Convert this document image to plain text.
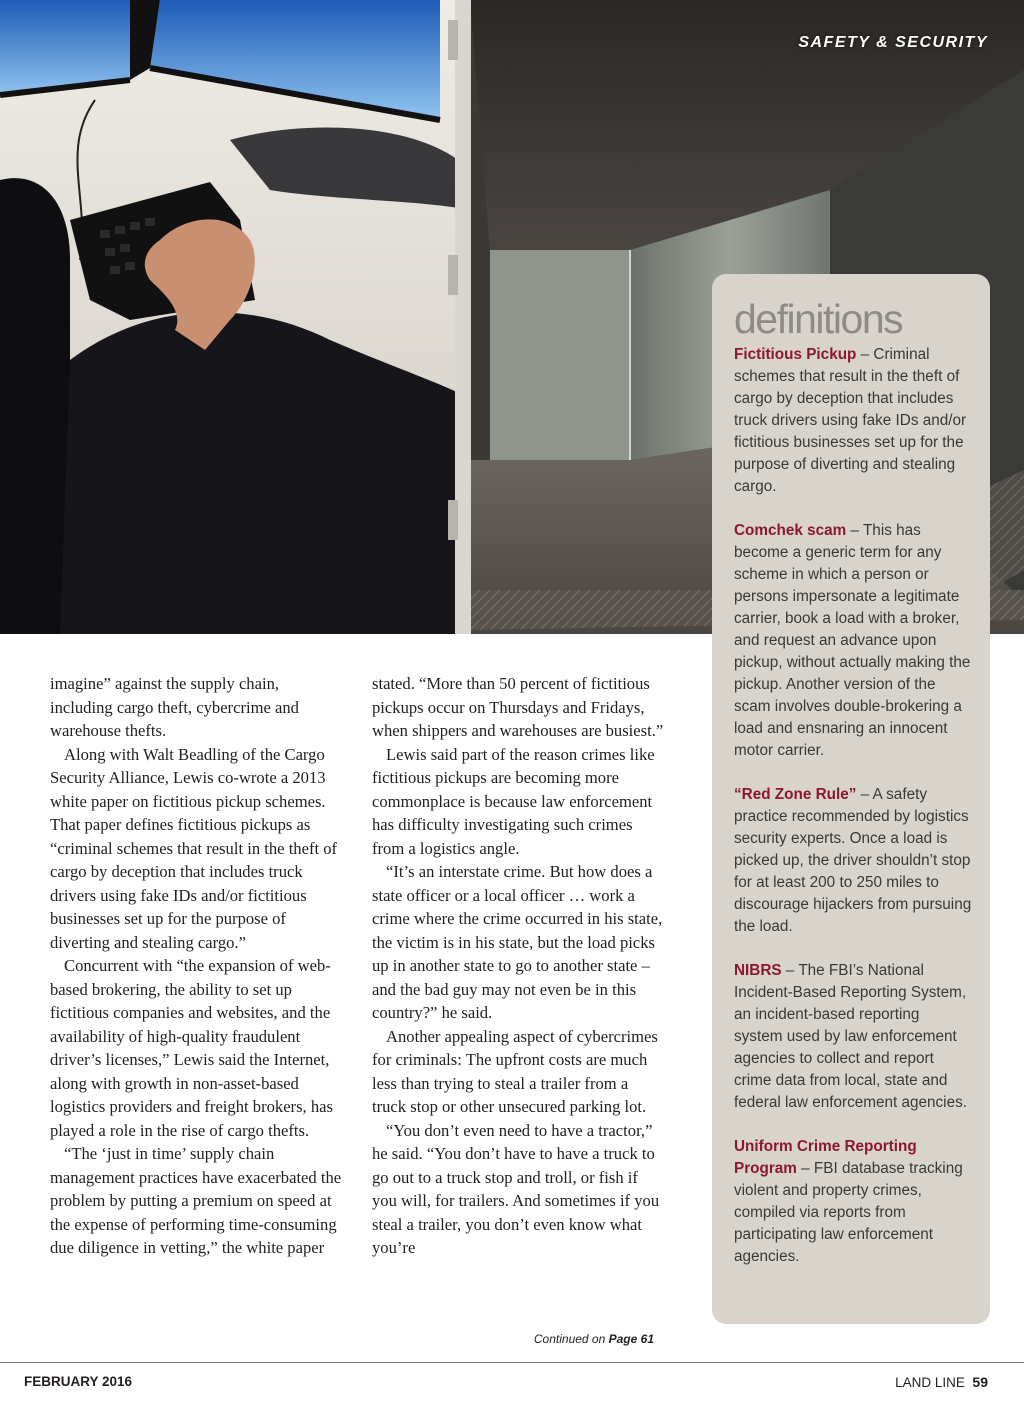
SAFETY & SECURITY

imagine” against the supply chain, including cargo theft, cybercrime and warehouse thefts.

Along with Walt Beadling of the Cargo Security Alliance, Lewis co-wrote a 2013 white paper on fictitious pickup schemes. That paper defines fictitious pickups as “criminal schemes that result in the theft of cargo by deception that includes truck drivers using fake IDs and/or fictitious businesses set up for the purpose of diverting and stealing cargo.”

Concurrent with “the expansion of web-based brokering, the ability to set up fictitious companies and websites, and the availability of high-quality fraudulent driver’s licenses,” Lewis said the Internet, along with growth in non-asset-based logistics providers and freight brokers, has played a role in the rise of cargo thefts.

“The ‘just in time’ supply chain management practices have exacerbated the problem by putting a premium on speed at the expense of performing time-consuming due diligence in vetting,” the white paper

stated. “More than 50 percent of fictitious pickups occur on Thursdays and Fridays, when shippers and warehouses are busiest.”

Lewis said part of the reason crimes like fictitious pickups are becoming more commonplace is because law enforcement has difficulty investigating such crimes from a logistics angle.

“It’s an interstate crime. But how does a state officer or a local officer … work a crime where the crime occurred in his state, the victim is in his state, but the load picks up in another state to go to another state – and the bad guy may not even be in this country?” he said.

Another appealing aspect of cybercrimes for criminals: The upfront costs are much less than trying to steal a trailer from a truck stop or other unsecured parking lot.

“You don’t even need to have a tractor,” he said. “You don’t have to have a truck to go out to a truck stop and troll, or fish if you will, for trailers. And sometimes if you steal a trailer, you don’t even know what you’re

Continued on Page 61
definitions

Fictitious Pickup – Criminal schemes that result in the theft of cargo by deception that includes truck drivers using fake IDs and/or fictitious businesses set up for the purpose of diverting and stealing cargo.

Comchek scam – This has become a generic term for any scheme in which a person or persons impersonate a legitimate carrier, book a load with a broker, and request an advance upon pickup, without actually making the pickup. Another version of the scam involves double-brokering a load and ensnaring an innocent motor carrier.

“Red Zone Rule” – A safety practice recommended by logistics security experts. Once a load is picked up, the driver shouldn’t stop for at least 200 to 250 miles to discourage hijackers from pursuing the load.

NIBRS – The FBI’s National Incident-Based Reporting System, an incident-based reporting system used by law enforcement agencies to collect and report crime data from local, state and federal law enforcement agencies.

Uniform Crime Reporting Program – FBI database tracking violent and property crimes, compiled via reports from participating law enforcement agencies.

FEBRUARY 2016	LAND LINE 59
